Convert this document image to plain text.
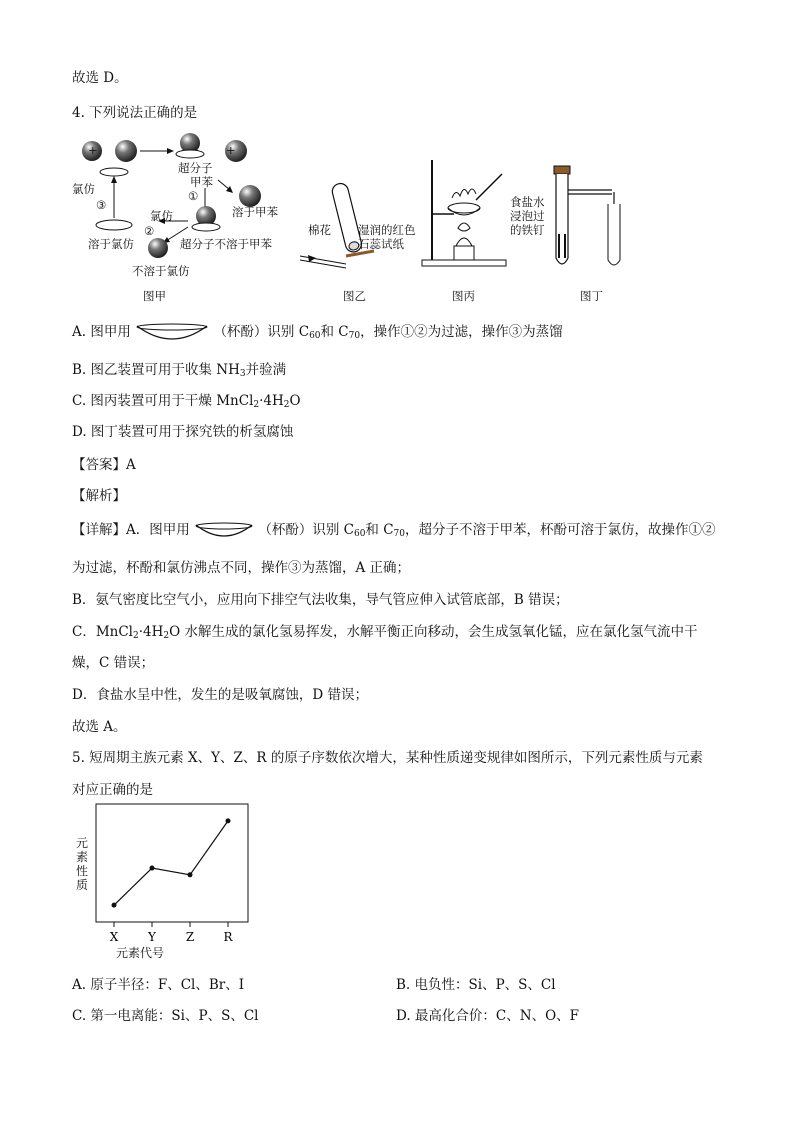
故选 D。
4. 下列说法正确的是
+	+
超分子
甲苯
①
溶于甲苯
氯仿
③
氯仿
②
溶于氯仿	超分子不溶于甲苯
不溶于氯仿
图甲
棉花 湿润的红色
石蕊试纸
图乙	图丙
食盐水
浸泡过
的铁钉
图丁
A. 图甲用	（杯酚）识别 $C_{60}$和 $C_{70}$，操作①②为过滤，操作③为蒸馏
B. 图乙装置可用于收集 $NH_3$并验满
C. 图丙装置可用于干燥 $MnCl_2\cdot 4H_2O$
D. 图丁装置可用于探究铁的析氢腐蚀
【答案】A
【解析】
【详解】A．图甲用	（杯酚）识别 $C_{60}$和 $C_{70}$，超分子不溶于甲苯，杯酚可溶于氯仿，故操作①②
为过滤，杯酚和氯仿沸点不同，操作③为蒸馏，A 正确；
B．氨气密度比空气小，应用向下排空气法收集，导气管应伸入试管底部，B 错误；
C．$MnCl_2\cdot 4H_2O$ 水解生成的氯化氢易挥发，水解平衡正向移动，会生成氢氧化锰，应在氯化氢气流中干
燥，C 错误；
D．食盐水呈中性，发生的是吸氧腐蚀，D 错误；
故选 A。
5. 短周期主族元素 X、Y、Z、R 的原子序数依次增大，某种性质递变规律如图所示，下列元素性质与元素
对应正确的是
X Y Z R
元素性质
元素代号
A. 原子半径：F、Cl、Br、I	B. 电负性：Si、P、S、Cl
C. 第一电离能：Si、P、S、Cl	D. 最高化合价：C、N、O、F
